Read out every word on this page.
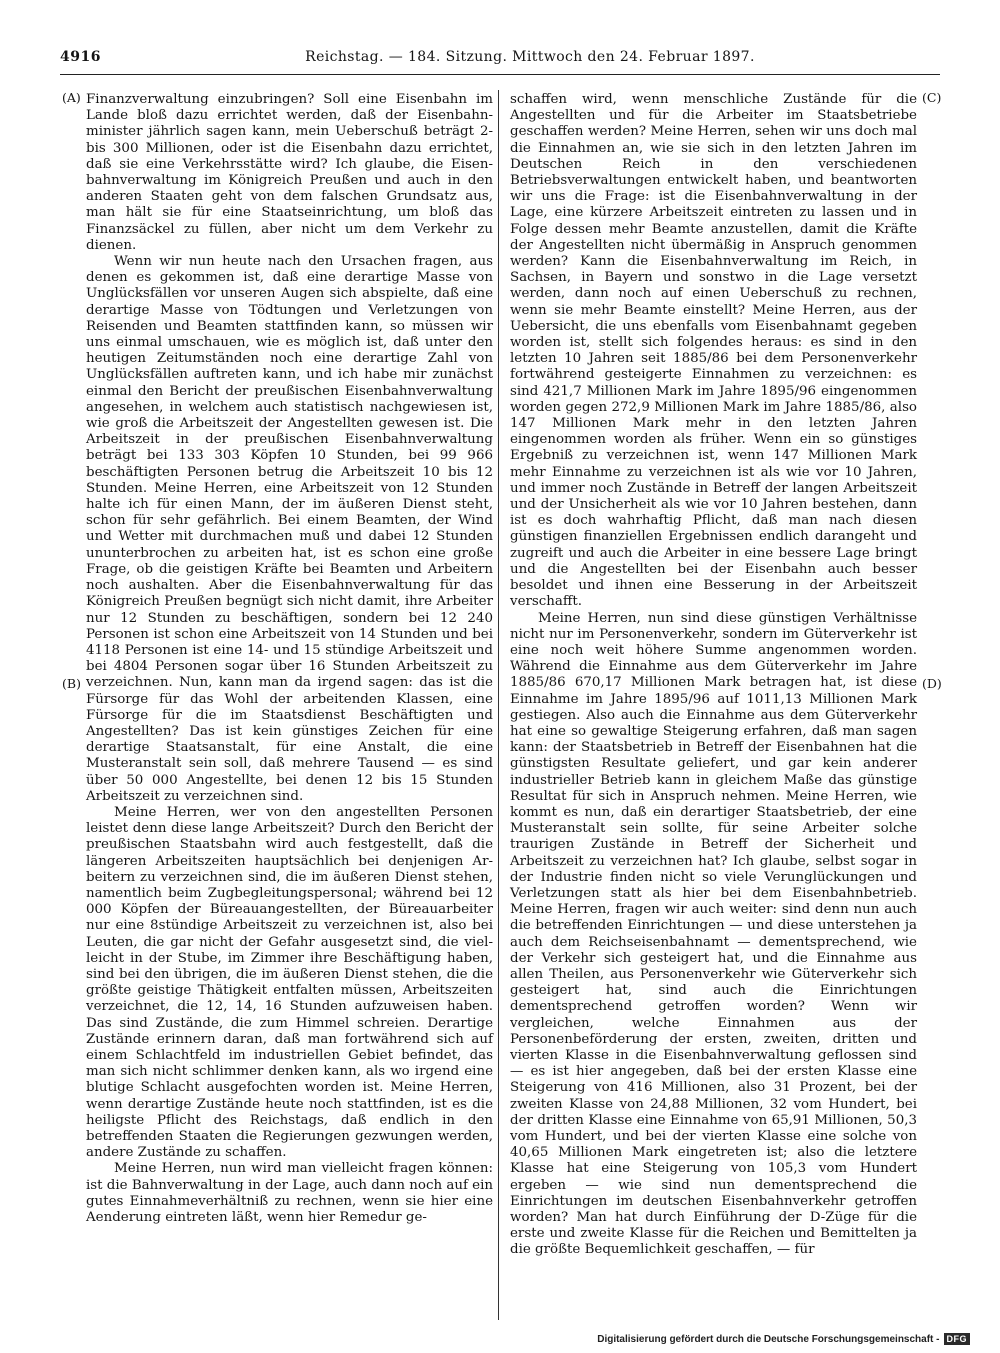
4916	Reichstag. — 184. Sitzung. Mittwoch den 24. Februar 1897.
(A)
(B)
(C)
(D)

Finanzverwaltung einzubringen? Soll eine Eisenbahn im Lande bloß dazu errichtet werden, daß der Eisenbahnminister jährlich sagen kann, mein Ueberschuß beträgt 2- bis 300 Millionen, oder ist die Eisenbahn dazu errichtet, daß sie eine Verkehrsstätte wird? Ich glaube, die Eisenbahnverwaltung im Königreich Preußen und auch in den anderen Staaten geht von dem falschen Grundsatz aus, man hält sie für eine Staatseinrichtung, um bloß das Finanzsäckel zu füllen, aber nicht um dem Verkehr zu dienen.

Wenn wir nun heute nach den Ursachen fragen, aus denen es gekommen ist, daß eine derartige Masse von Unglücksfällen vor unseren Augen sich abspielte, daß eine derartige Masse von Tödtungen und Verletzungen von Reisenden und Beamten stattfinden kann, so müssen wir uns einmal umschauen, wie es möglich ist, daß unter den heutigen Zeitumständen noch eine derartige Zahl von Unglücksfällen auftreten kann, und ich habe mir zunächst einmal den Bericht der preußischen Eisenbahnverwaltung angesehen, in welchem auch statistisch nachgewiesen ist, wie groß die Arbeitszeit der Angestellten gewesen ist. Die Arbeitszeit in der preußischen Eisenbahnverwaltung beträgt bei 133 303 Köpfen 10 Stunden, bei 99 966 beschäftigten Personen betrug die Arbeitszeit 10 bis 12 Stunden. Meine Herren, eine Arbeitszeit von 12 Stunden halte ich für einen Mann, der im äußeren Dienst steht, schon für sehr gefährlich. Bei einem Beamten, der Wind und Wetter mit durchmachen muß und dabei 12 Stunden ununterbrochen zu arbeiten hat, ist es schon eine große Frage, ob die geistigen Kräfte bei Beamten und Arbeitern noch aushalten. Aber die Eisenbahnverwaltung für das Königreich Preußen begnügt sich nicht damit, ihre Arbeiter nur 12 Stunden zu beschäftigen, sondern bei 12 240 Personen ist schon eine Arbeitszeit von 14 Stunden und bei 4118 Personen ist eine 14- und 15 stündige Arbeitszeit und bei 4804 Personen sogar über 16 Stunden Arbeitszeit zu verzeichnen. Nun, kann man da irgend sagen: das ist die Fürsorge für das Wohl der arbeitenden Klassen, eine Fürsorge für die im Staatsdienst Beschäftigten und Angestellten? Das ist kein günstiges Zeichen für eine derartige Staatsanstalt, für eine Anstalt, die eine Musteranstalt sein soll, daß mehrere Tausend — es sind über 50 000 Angestellte, bei denen 12 bis 15 Stunden Arbeitszeit zu verzeichnen sind.

Meine Herren, wer von den angestellten Personen leistet denn diese lange Arbeitszeit? Durch den Bericht der preußischen Staatsbahn wird auch festgestellt, daß die längeren Arbeitszeiten hauptsächlich bei denjenigen Arbeitern zu verzeichnen sind, die im äußeren Dienst stehen, namentlich beim Zugbegleitungspersonal; während bei 12 000 Köpfen der Büreauangestellten, der Büreauarbeiter nur eine 8stündige Arbeitszeit zu verzeichnen ist, also bei Leuten, die gar nicht der Gefahr ausgesetzt sind, die vielleicht in der Stube, im Zimmer ihre Beschäftigung haben, sind bei den übrigen, die im äußeren Dienst stehen, die die größte geistige Thätigkeit entfalten müssen, Arbeitszeiten verzeichnet, die 12, 14, 16 Stunden aufzuweisen haben. Das sind Zustände, die zum Himmel schreien. Derartige Zustände erinnern daran, daß man fortwährend sich auf einem Schlachtfeld im industriellen Gebiet befindet, das man sich nicht schlimmer denken kann, als wo irgend eine blutige Schlacht ausgefochten worden ist. Meine Herren, wenn derartige Zustände heute noch stattfinden, ist es die heiligste Pflicht des Reichstags, daß endlich in den betreffenden Staaten die Regierungen gezwungen werden, andere Zustände zu schaffen.

Meine Herren, nun wird man vielleicht fragen können: ist die Bahnverwaltung in der Lage, auch dann noch auf ein gutes Einnahmeverhältniß zu rechnen, wenn sie hier eine Aenderung eintreten läßt, wenn hier Remedur ge-

schaffen wird, wenn menschliche Zustände für die Angestellten und für die Arbeiter im Staatsbetriebe geschaffen werden? Meine Herren, sehen wir uns doch mal die Einnahmen an, wie sie sich in den letzten Jahren im Deutschen Reich in den verschiedenen Betriebsverwaltungen entwickelt haben, und beantworten wir uns die Frage: ist die Eisenbahnverwaltung in der Lage, eine kürzere Arbeitszeit eintreten zu lassen und in Folge dessen mehr Beamte anzustellen, damit die Kräfte der Angestellten nicht übermäßig in Anspruch genommen werden? Kann die Eisenbahnverwaltung im Reich, in Sachsen, in Bayern und sonstwo in die Lage versetzt werden, dann noch auf einen Ueberschuß zu rechnen, wenn sie mehr Beamte einstellt? Meine Herren, aus der Uebersicht, die uns ebenfalls vom Eisenbahnamt gegeben worden ist, stellt sich folgendes heraus: es sind in den letzten 10 Jahren seit 1885/86 bei dem Personenverkehr fortwährend gesteigerte Einnahmen zu verzeichnen: es sind 421,7 Millionen Mark im Jahre 1895/96 eingenommen worden gegen 272,9 Millionen Mark im Jahre 1885/86, also 147 Millionen Mark mehr in den letzten Jahren eingenommen worden als früher. Wenn ein so günstiges Ergebniß zu verzeichnen ist, wenn 147 Millionen Mark mehr Einnahme zu verzeichnen ist als wie vor 10 Jahren, und immer noch Zustände in Betreff der langen Arbeitszeit und der Unsicherheit als wie vor 10 Jahren bestehen, dann ist es doch wahrhaftig Pflicht, daß man nach diesen günstigen finanziellen Ergebnissen endlich darangeht und zugreift und auch die Arbeiter in eine bessere Lage bringt und die Angestellten bei der Eisenbahn auch besser besoldet und ihnen eine Besserung in der Arbeitszeit verschafft.

Meine Herren, nun sind diese günstigen Verhältnisse nicht nur im Personenverkehr, sondern im Güterverkehr ist eine noch weit höhere Summe angenommen worden. Während die Einnahme aus dem Güterverkehr im Jahre 1885/86 670,17 Millionen Mark betragen hat, ist diese Einnahme im Jahre 1895/96 auf 1011,13 Millionen Mark gestiegen. Also auch die Einnahme aus dem Güterverkehr hat eine so gewaltige Steigerung erfahren, daß man sagen kann: der Staatsbetrieb in Betreff der Eisenbahnen hat die günstigsten Resultate geliefert, und gar kein anderer industrieller Betrieb kann in gleichem Maße das günstige Resultat für sich in Anspruch nehmen. Meine Herren, wie kommt es nun, daß ein derartiger Staatsbetrieb, der eine Musteranstalt sein sollte, für seine Arbeiter solche traurigen Zustände in Betreff der Sicherheit und Arbeitszeit zu verzeichnen hat? Ich glaube, selbst sogar in der Industrie finden nicht so viele Verunglückungen und Verletzungen statt als hier bei dem Eisenbahnbetrieb. Meine Herren, fragen wir auch weiter: sind denn nun auch die betreffenden Einrichtungen — und diese unterstehen ja auch dem Reichseisenbahnamt — dementsprechend, wie der Verkehr sich gesteigert hat, und die Einnahme aus allen Theilen, aus Personenverkehr wie Güterverkehr sich gesteigert hat, sind auch die Einrichtungen dementsprechend getroffen worden? Wenn wir vergleichen, welche Einnahmen aus der Personenbeförderung der ersten, zweiten, dritten und vierten Klasse in die Eisenbahnverwaltung geflossen sind — es ist hier angegeben, daß bei der ersten Klasse eine Steigerung von 416 Millionen, also 31 Prozent, bei der zweiten Klasse von 24,88 Millionen, 32 vom Hundert, bei der dritten Klasse eine Einnahme von 65,91 Millionen, 50,3 vom Hundert, und bei der vierten Klasse eine solche von 40,65 Millionen Mark eingetreten ist; also die letztere Klasse hat eine Steigerung von 105,3 vom Hundert ergeben — wie sind nun dementsprechend die Einrichtungen im deutschen Eisenbahnverkehr getroffen worden? Man hat durch Einführung der D-Züge für die erste und zweite Klasse für die Reichen und Bemittelten ja die größte Bequemlichkeit geschaffen, — für

Digitalisierung gefördert durch die Deutsche Forschungsgemeinschaft - DFG
